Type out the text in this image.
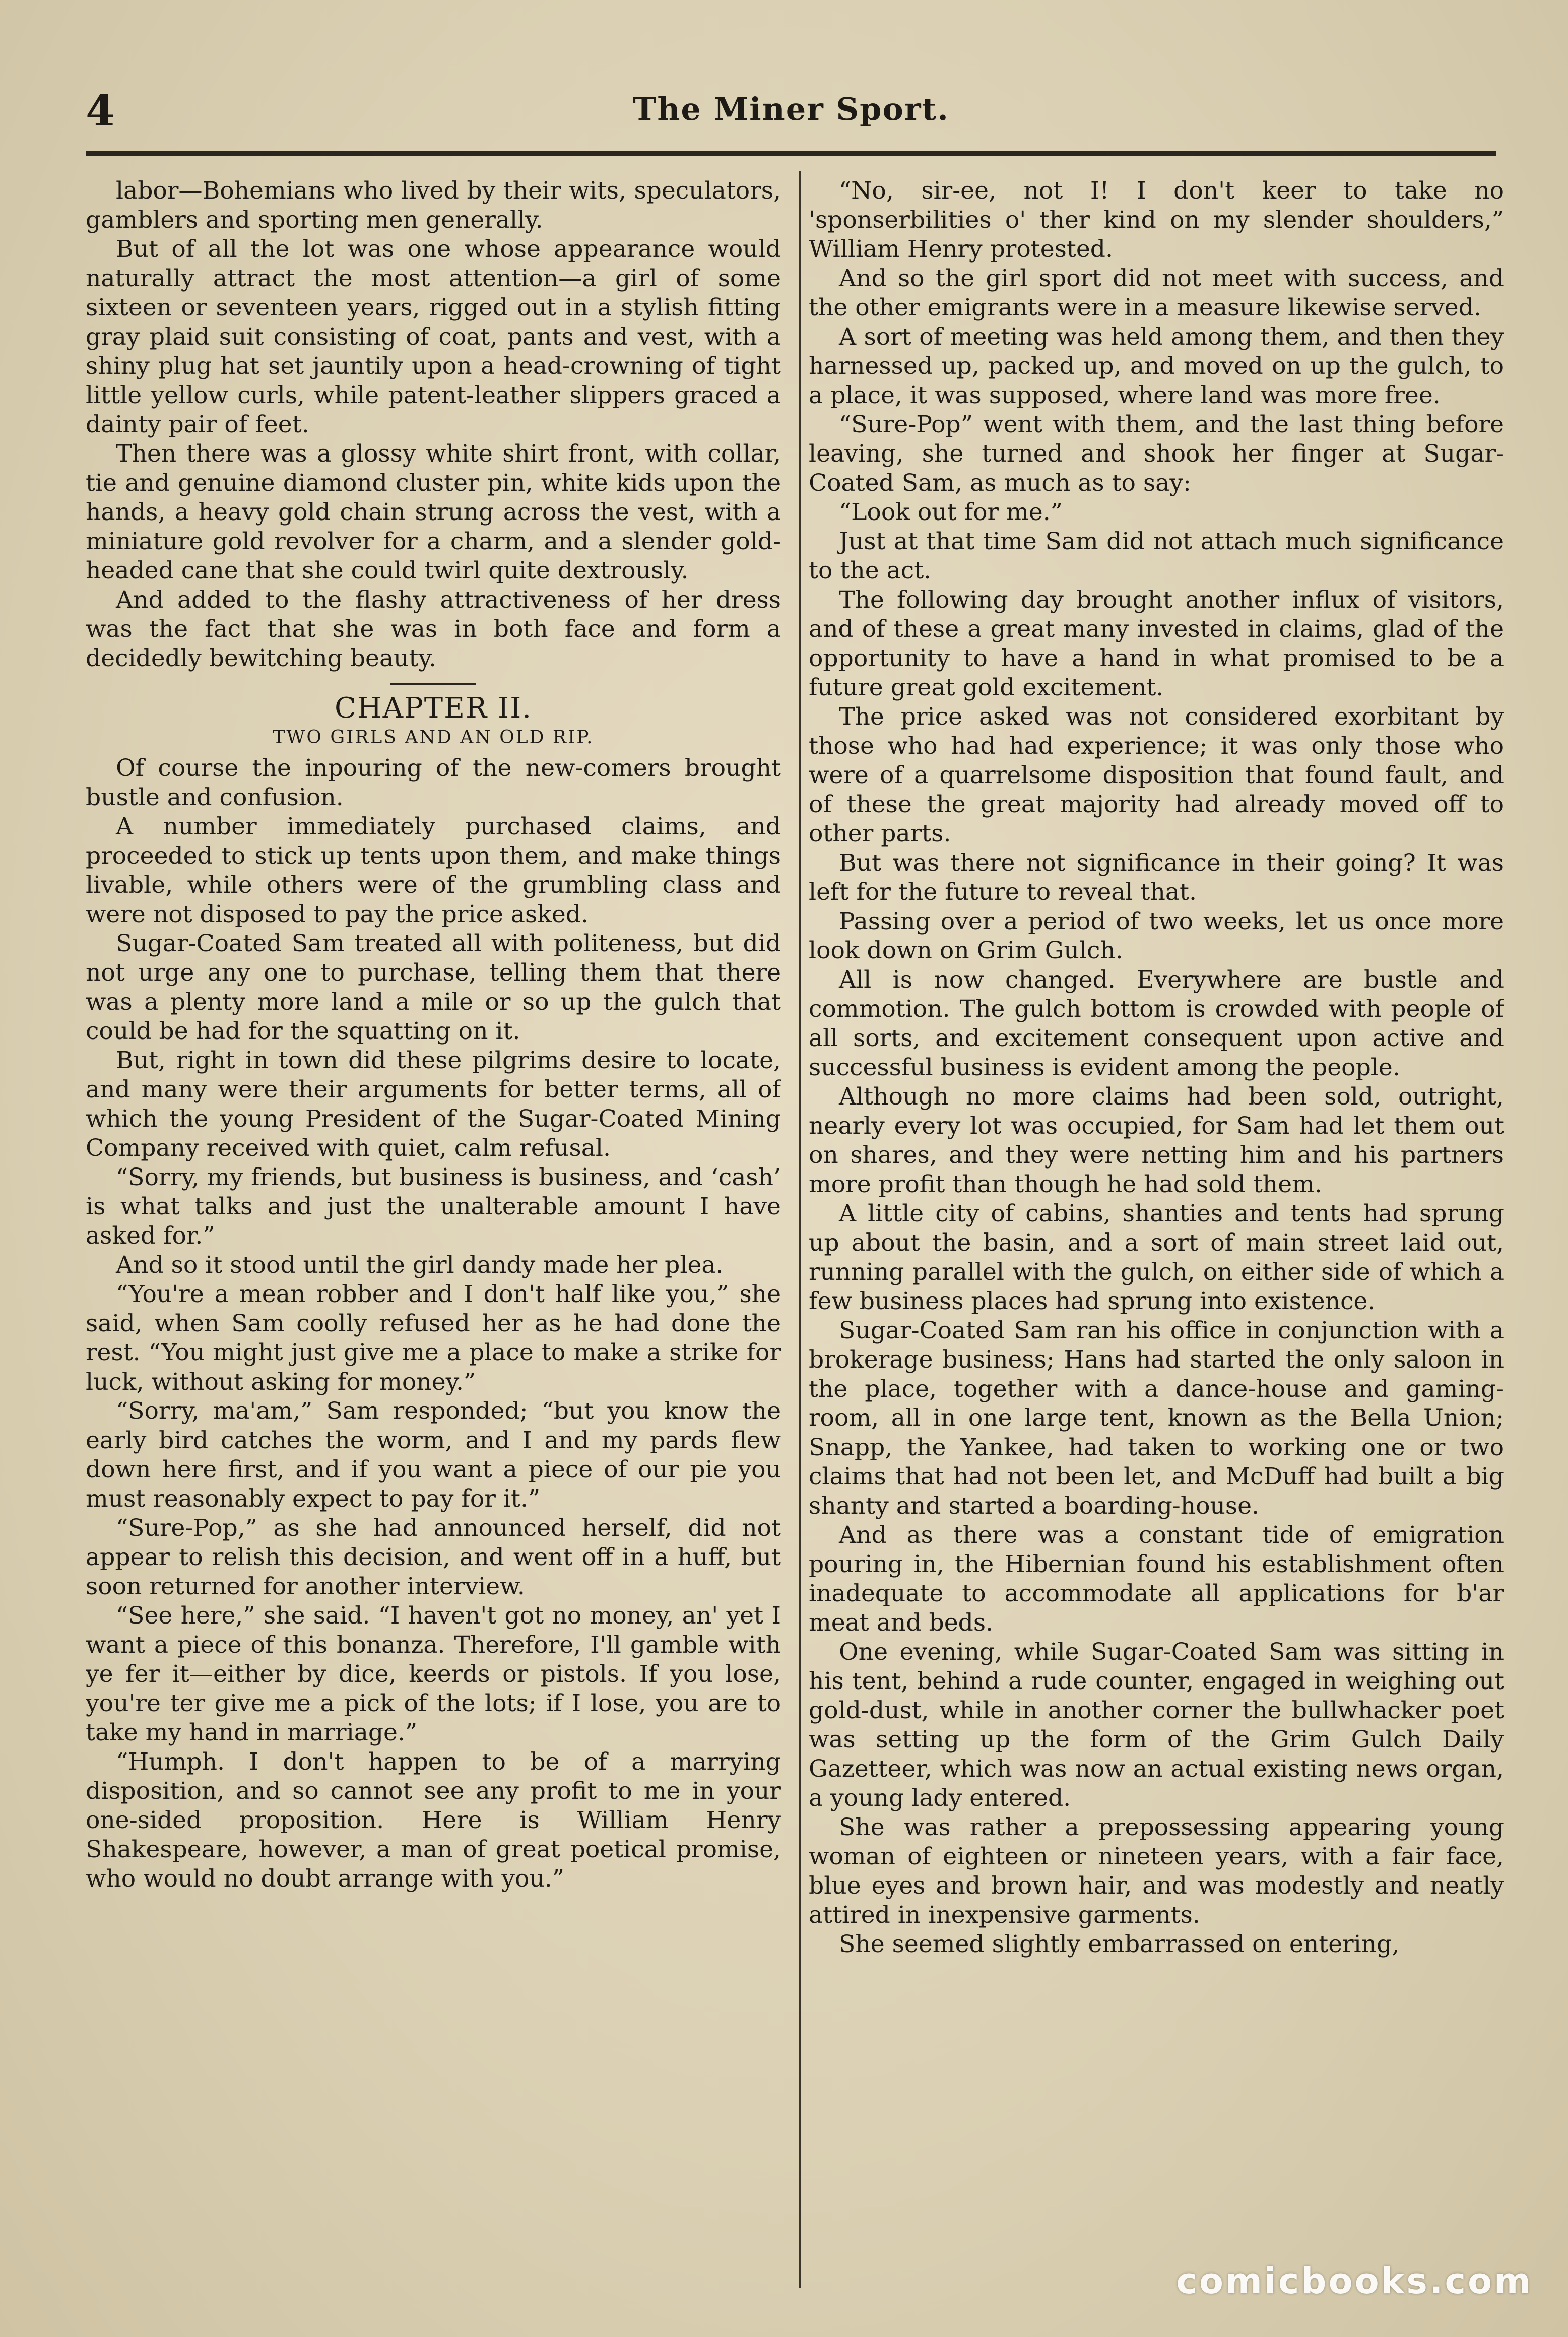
4	The Miner Sport.

labor—Bohemians who lived by their wits, speculators, gamblers and sporting men generally.

But of all the lot was one whose appearance would naturally attract the most attention—a girl of some sixteen or seventeen years, rigged out in a stylish fitting gray plaid suit consisting of coat, pants and vest, with a shiny plug hat set jauntily upon a head-crowning of tight little yellow curls, while patent-leather slippers graced a dainty pair of feet.

Then there was a glossy white shirt front, with collar, tie and genuine diamond cluster pin, white kids upon the hands, a heavy gold chain strung across the vest, with a miniature gold revolver for a charm, and a slender gold-headed cane that she could twirl quite dextrously.

And added to the flashy attractiveness of her dress was the fact that she was in both face and form a decidedly bewitching beauty.

CHAPTER II.

TWO GIRLS AND AN OLD RIP.

Of course the inpouring of the new-comers brought bustle and confusion.

A number immediately purchased claims, and proceeded to stick up tents upon them, and make things livable, while others were of the grumbling class and were not disposed to pay the price asked.

Sugar-Coated Sam treated all with politeness, but did not urge any one to purchase, telling them that there was a plenty more land a mile or so up the gulch that could be had for the squatting on it.

But, right in town did these pilgrims desire to locate, and many were their arguments for better terms, all of which the young President of the Sugar-Coated Mining Company received with quiet, calm refusal.

“Sorry, my friends, but business is business, and ‘cash’ is what talks and just the unalterable amount I have asked for.”

And so it stood until the girl dandy made her plea.

“You're a mean robber and I don't half like you,” she said, when Sam coolly refused her as he had done the rest. “You might just give me a place to make a strike for luck, without asking for money.”

“Sorry, ma'am,” Sam responded; “but you know the early bird catches the worm, and I and my pards flew down here first, and if you want a piece of our pie you must reasonably expect to pay for it.”

“Sure-Pop,” as she had announced herself, did not appear to relish this decision, and went off in a huff, but soon returned for another interview.

“See here,” she said. “I haven't got no money, an' yet I want a piece of this bonanza. Therefore, I'll gamble with ye fer it—either by dice, keerds or pistols. If you lose, you're ter give me a pick of the lots; if I lose, you are to take my hand in marriage.”

“Humph. I don't happen to be of a marrying disposition, and so cannot see any profit to me in your one-sided proposition. Here is William Henry Shakespeare, however, a man of great poetical promise, who would no doubt arrange with you.”

“No, sir-ee, not I! I don't keer to take no 'sponserbilities o' ther kind on my slender shoulders,” William Henry protested.

And so the girl sport did not meet with success, and the other emigrants were in a measure likewise served.

A sort of meeting was held among them, and then they harnessed up, packed up, and moved on up the gulch, to a place, it was supposed, where land was more free.

“Sure-Pop” went with them, and the last thing before leaving, she turned and shook her finger at Sugar-Coated Sam, as much as to say:

“Look out for me.”

Just at that time Sam did not attach much significance to the act.

The following day brought another influx of visitors, and of these a great many invested in claims, glad of the opportunity to have a hand in what promised to be a future great gold excitement.

The price asked was not considered exorbitant by those who had had experience; it was only those who were of a quarrelsome disposition that found fault, and of these the great majority had already moved off to other parts.

But was there not significance in their going? It was left for the future to reveal that.

Passing over a period of two weeks, let us once more look down on Grim Gulch.

All is now changed. Everywhere are bustle and commotion. The gulch bottom is crowded with people of all sorts, and excitement consequent upon active and successful business is evident among the people.

Although no more claims had been sold, outright, nearly every lot was occupied, for Sam had let them out on shares, and they were netting him and his partners more profit than though he had sold them.

A little city of cabins, shanties and tents had sprung up about the basin, and a sort of main street laid out, running parallel with the gulch, on either side of which a few business places had sprung into existence.

Sugar-Coated Sam ran his office in conjunction with a brokerage business; Hans had started the only saloon in the place, together with a dance-house and gaming-room, all in one large tent, known as the Bella Union; Snapp, the Yankee, had taken to working one or two claims that had not been let, and McDuff had built a big shanty and started a boarding-house.

And as there was a constant tide of emigration pouring in, the Hibernian found his establishment often inadequate to accommodate all applications for b'ar meat and beds.

One evening, while Sugar-Coated Sam was sitting in his tent, behind a rude counter, engaged in weighing out gold-dust, while in another corner the bullwhacker poet was setting up the form of the Grim Gulch Daily Gazetteer, which was now an actual existing news organ, a young lady entered.

She was rather a prepossessing appearing young woman of eighteen or nineteen years, with a fair face, blue eyes and brown hair, and was modestly and neatly attired in inexpensive garments.

She seemed slightly embarrassed on entering,

comicbooks.com
